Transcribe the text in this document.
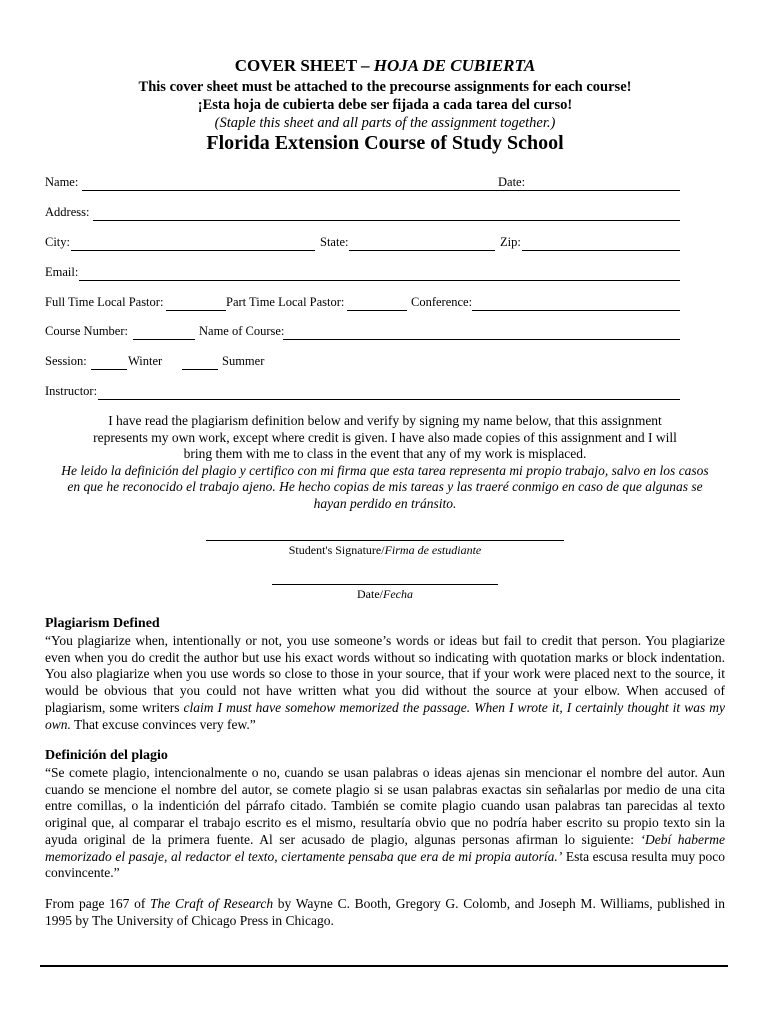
COVER SHEET – HOJA DE CUBIERTA
This cover sheet must be attached to the precourse assignments for each course!
¡Esta hoja de cubierta debe ser fijada a cada tarea del curso!
(Staple this sheet and all parts of the assignment together.)
Florida Extension Course of Study School
Name:	Date:
Address:
City:	State:	Zip:
Email:
Full Time Local Pastor:	Part Time Local Pastor:	Conference:
Course Number:	Name of Course:
Session:	Winter	Summer
Instructor:
I have read the plagiarism definition below and verify by signing my name below, that this assignment
represents my own work, except where credit is given. I have also made copies of this assignment and I will
bring them with me to class in the event that any of my work is misplaced.
He leido la definición del plagio y certifico con mi firma que esta tarea representa mi propio trabajo, salvo en los casos
en que he reconocido el trabajo ajeno. He hecho copias de mis tareas y las traeré conmigo en caso de que algunas se
hayan perdido en tránsito.
Student's Signature/Firma de estudiante
Date/Fecha
Plagiarism Defined
“You plagiarize when, intentionally or not, you use someone’s words or ideas but fail to credit that person. You plagiarize even when you do credit the author but use his exact words without so indicating with quotation marks or block indentation. You also plagiarize when you use words so close to those in your source, that if your work were placed next to the source, it would be obvious that you could not have written what you did without the source at your elbow. When accused of plagiarism, some writers claim I must have somehow memorized the passage. When I wrote it, I certainly thought it was my own. That excuse convinces very few.”
Definición del plagio
“Se comete plagio, intencionalmente o no, cuando se usan palabras o ideas ajenas sin mencionar el nombre del autor. Aun cuando se mencione el nombre del autor, se comete plagio si se usan palabras exactas sin señalarlas por medio de una cita entre comillas, o la indentición del párrafo citado. También se comite plagio cuando usan palabras tan parecidas al texto original que, al comparar el trabajo escrito es el mismo, resultaría obvio que no podría haber escrito su propio texto sin la ayuda original de la primera fuente. Al ser acusado de plagio, algunas personas afirman lo siguiente: ‘Debí haberme memorizado el pasaje, al redactor el texto, ciertamente pensaba que era de mi propia autoría.’ Esta escusa resulta muy poco convincente.”
From page 167 of The Craft of Research by Wayne C. Booth, Gregory G. Colomb, and Joseph M. Williams, published in 1995 by The University of Chicago Press in Chicago.
